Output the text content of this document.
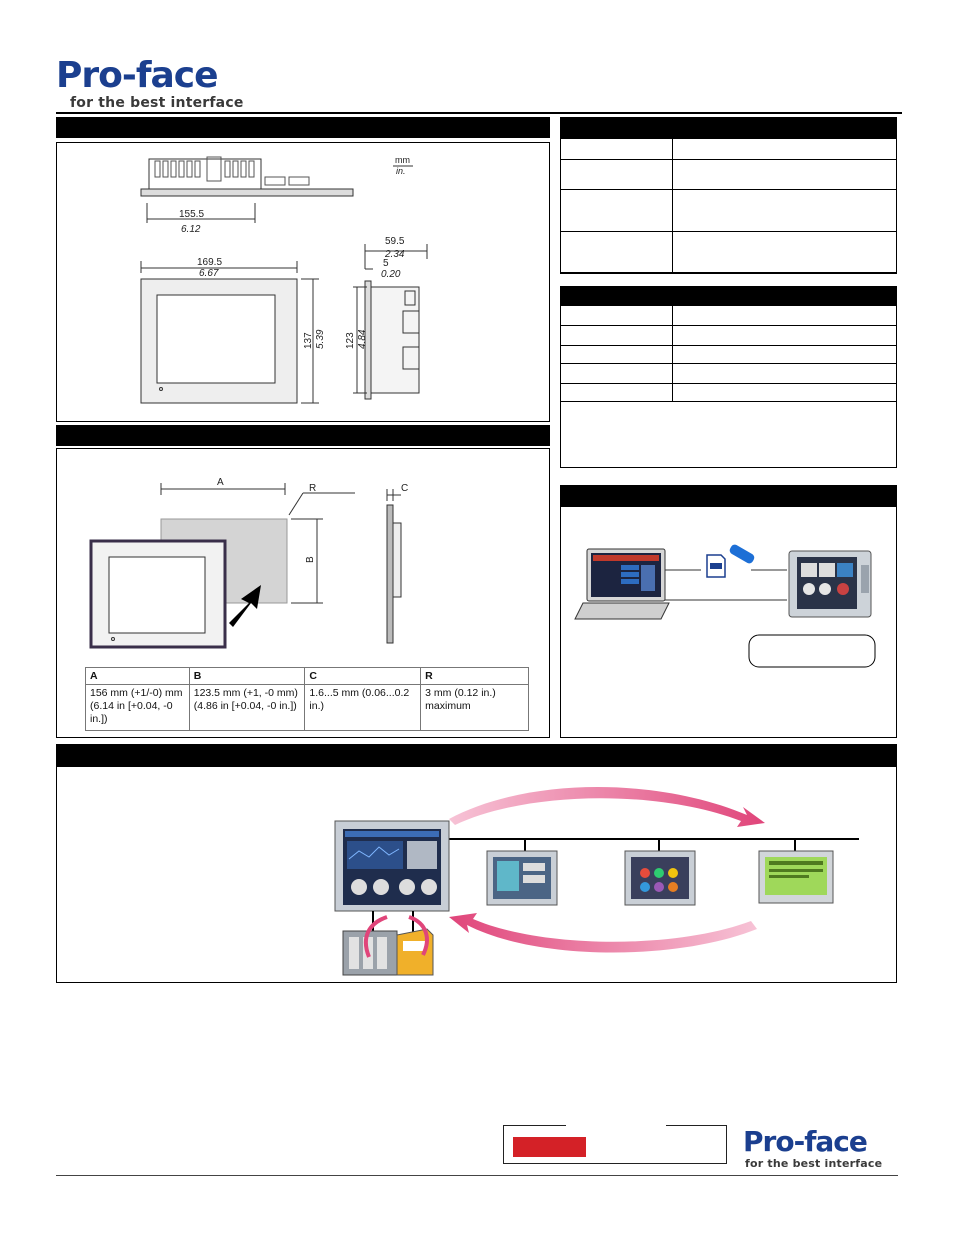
Pro-face
for the best interface
155.5
6.12
mm
in.
169.5
6.67
137 5.39
59.5
2.34
5
0.20
123 4.84
A
R	C
B
A	B	C	R
156 mm (+1/-0) mm (6.14 in [+0.04, -0 in.])	123.5 mm (+1, -0 mm) (4.86 in [+0.04, -0 in.])	1.6...5 mm (0.06...0.2 in.)	3 mm (0.12 in.) maximum

Pro-face
for the best interface
